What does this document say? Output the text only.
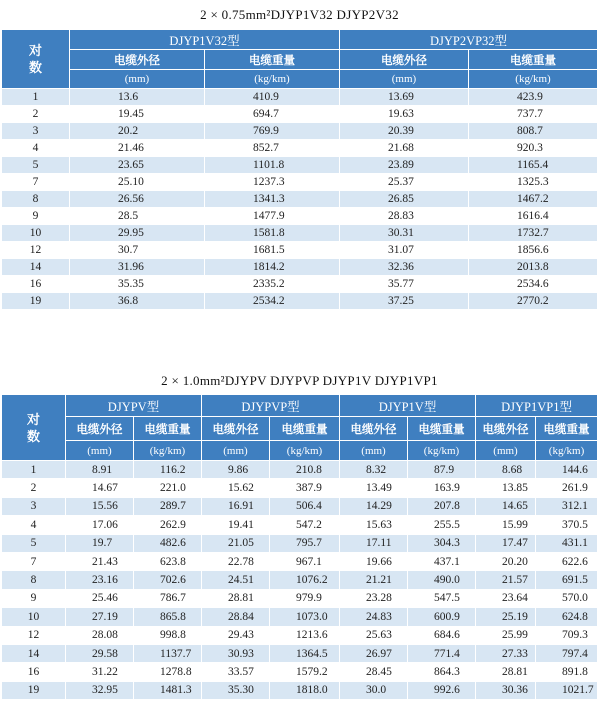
2 × 0.75mm²DJYP1V32 DJYP2V32
对
数	DJYP1V32型		DJYP2VP32型	
	电缆外径	电缆重量	电缆外径	电缆重量
	(mm)	(kg/km)	(mm)	(kg/km)
1	13.6	410.9	13.69	423.9
2	19.45	694.7	19.63	737.7
3	20.2	769.9	20.39	808.7
4	21.46	852.7	21.68	920.3
5	23.65	1101.8	23.89	1165.4
7	25.10	1237.3	25.37	1325.3
8	26.56	1341.3	26.85	1467.2
9	28.5	1477.9	28.83	1616.4
10	29.95	1581.8	30.31	1732.7
12	30.7	1681.5	31.07	1856.6
14	31.96	1814.2	32.36	2013.8
16	35.35	2335.2	35.77	2534.6
19	36.8	2534.2	37.25	2770.2
2 × 1.0mm²DJYPV DJYPVP DJYP1V DJYP1VP1
对
数	DJYPV型		DJYPVP型		DJYP1V型		DJYP1VP1型	
	电缆外径	电缆重量	电缆外径	电缆重量	电缆外径	电缆重量	电缆外径	电缆重量
	(mm)	(kg/km)	(mm)	(kg/km)	(mm)	(kg/km)	(mm)	(kg/km)
1	8.91	116.2	9.86	210.8	8.32	87.9	8.68	144.6
2	14.67	221.0	15.62	387.9	13.49	163.9	13.85	261.9
3	15.56	289.7	16.91	506.4	14.29	207.8	14.65	312.1
4	17.06	262.9	19.41	547.2	15.63	255.5	15.99	370.5
5	19.7	482.6	21.05	795.7	17.11	304.3	17.47	431.1
7	21.43	623.8	22.78	967.1	19.66	437.1	20.20	622.6
8	23.16	702.6	24.51	1076.2	21.21	490.0	21.57	691.5
9	25.46	786.7	28.81	979.9	23.28	547.5	23.64	570.0
10	27.19	865.8	28.84	1073.0	24.83	600.9	25.19	624.8
12	28.08	998.8	29.43	1213.6	25.63	684.6	25.99	709.3
14	29.58	1137.7	30.93	1364.5	26.97	771.4	27.33	797.4
16	31.22	1278.8	33.57	1579.2	28.45	864.3	28.81	891.8
19	32.95	1481.3	35.30	1818.0	30.0	992.6	30.36	1021.7
